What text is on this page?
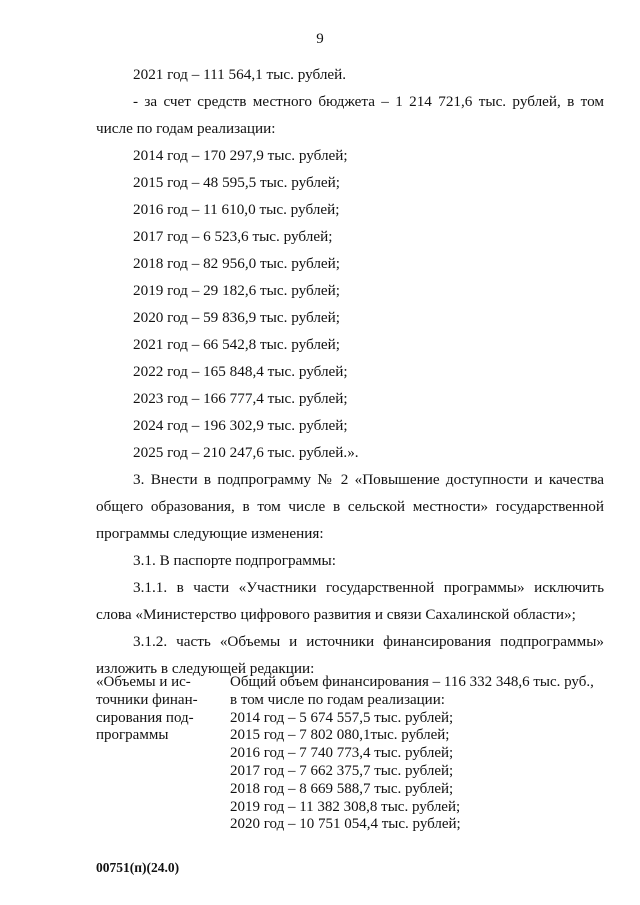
9
2021 год – 111 564,1 тыс. рублей.
- за счет средств местного бюджета – 1 214 721,6 тыс. рублей, в том
числе по годам реализации:
2014 год – 170 297,9 тыс. рублей;
2015 год – 48 595,5 тыс. рублей;
2016 год – 11 610,0 тыс. рублей;
2017 год – 6 523,6 тыс. рублей;
2018 год – 82 956,0 тыс. рублей;
2019 год – 29 182,6 тыс. рублей;
2020 год – 59 836,9 тыс. рублей;
2021 год – 66 542,8 тыс. рублей;
2022 год – 165 848,4 тыс. рублей;
2023 год – 166 777,4 тыс. рублей;
2024 год – 196 302,9 тыс. рублей;
2025 год – 210 247,6 тыс. рублей.».
3. Внести в подпрограмму № 2 «Повышение доступности и качества
общего образования, в том числе в сельской местности» государственной
программы следующие изменения:
3.1. В паспорте подпрограммы:
3.1.1. в части «Участники государственной программы» исключить
слова «Министерство цифрового развития и связи Сахалинской области»;
3.1.2. часть «Объемы и источники финансирования подпрограммы»
изложить в следующей редакции:
«Объемы и ис-
точники финан-
сирования под-
программы
Общий объем финансирования – 116 332 348,6 тыс. руб.,
в том числе по годам реализации:
2014 год – 5 674 557,5 тыс. рублей;
2015 год – 7 802 080,1тыс. рублей;
2016 год – 7 740 773,4 тыс. рублей;
2017 год – 7 662 375,7 тыс. рублей;
2018 год – 8 669 588,7 тыс. рублей;
2019 год – 11 382 308,8 тыс. рублей;
2020 год – 10 751 054,4 тыс. рублей;
00751(п)(24.0)
